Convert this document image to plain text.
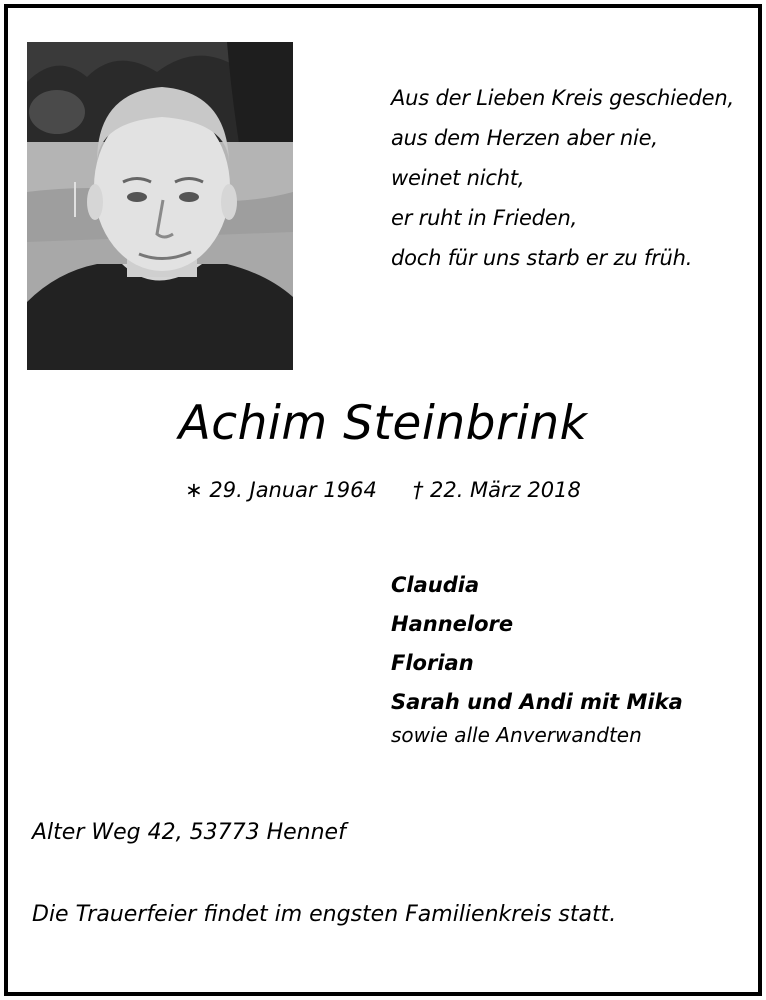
Aus der Lieben Kreis geschieden,
aus dem Herzen aber nie,
weinet nicht,
er ruht in Frieden,
doch für uns starb er zu früh.
Achim Steinbrink
∗ 29. Januar 1964 † 22. März 2018
Claudia
Hannelore
Florian
Sarah und Andi mit Mika
sowie alle Anverwandten
Alter Weg 42, 53773 Hennef
Die Trauerfeier findet im engsten Familienkreis statt.
